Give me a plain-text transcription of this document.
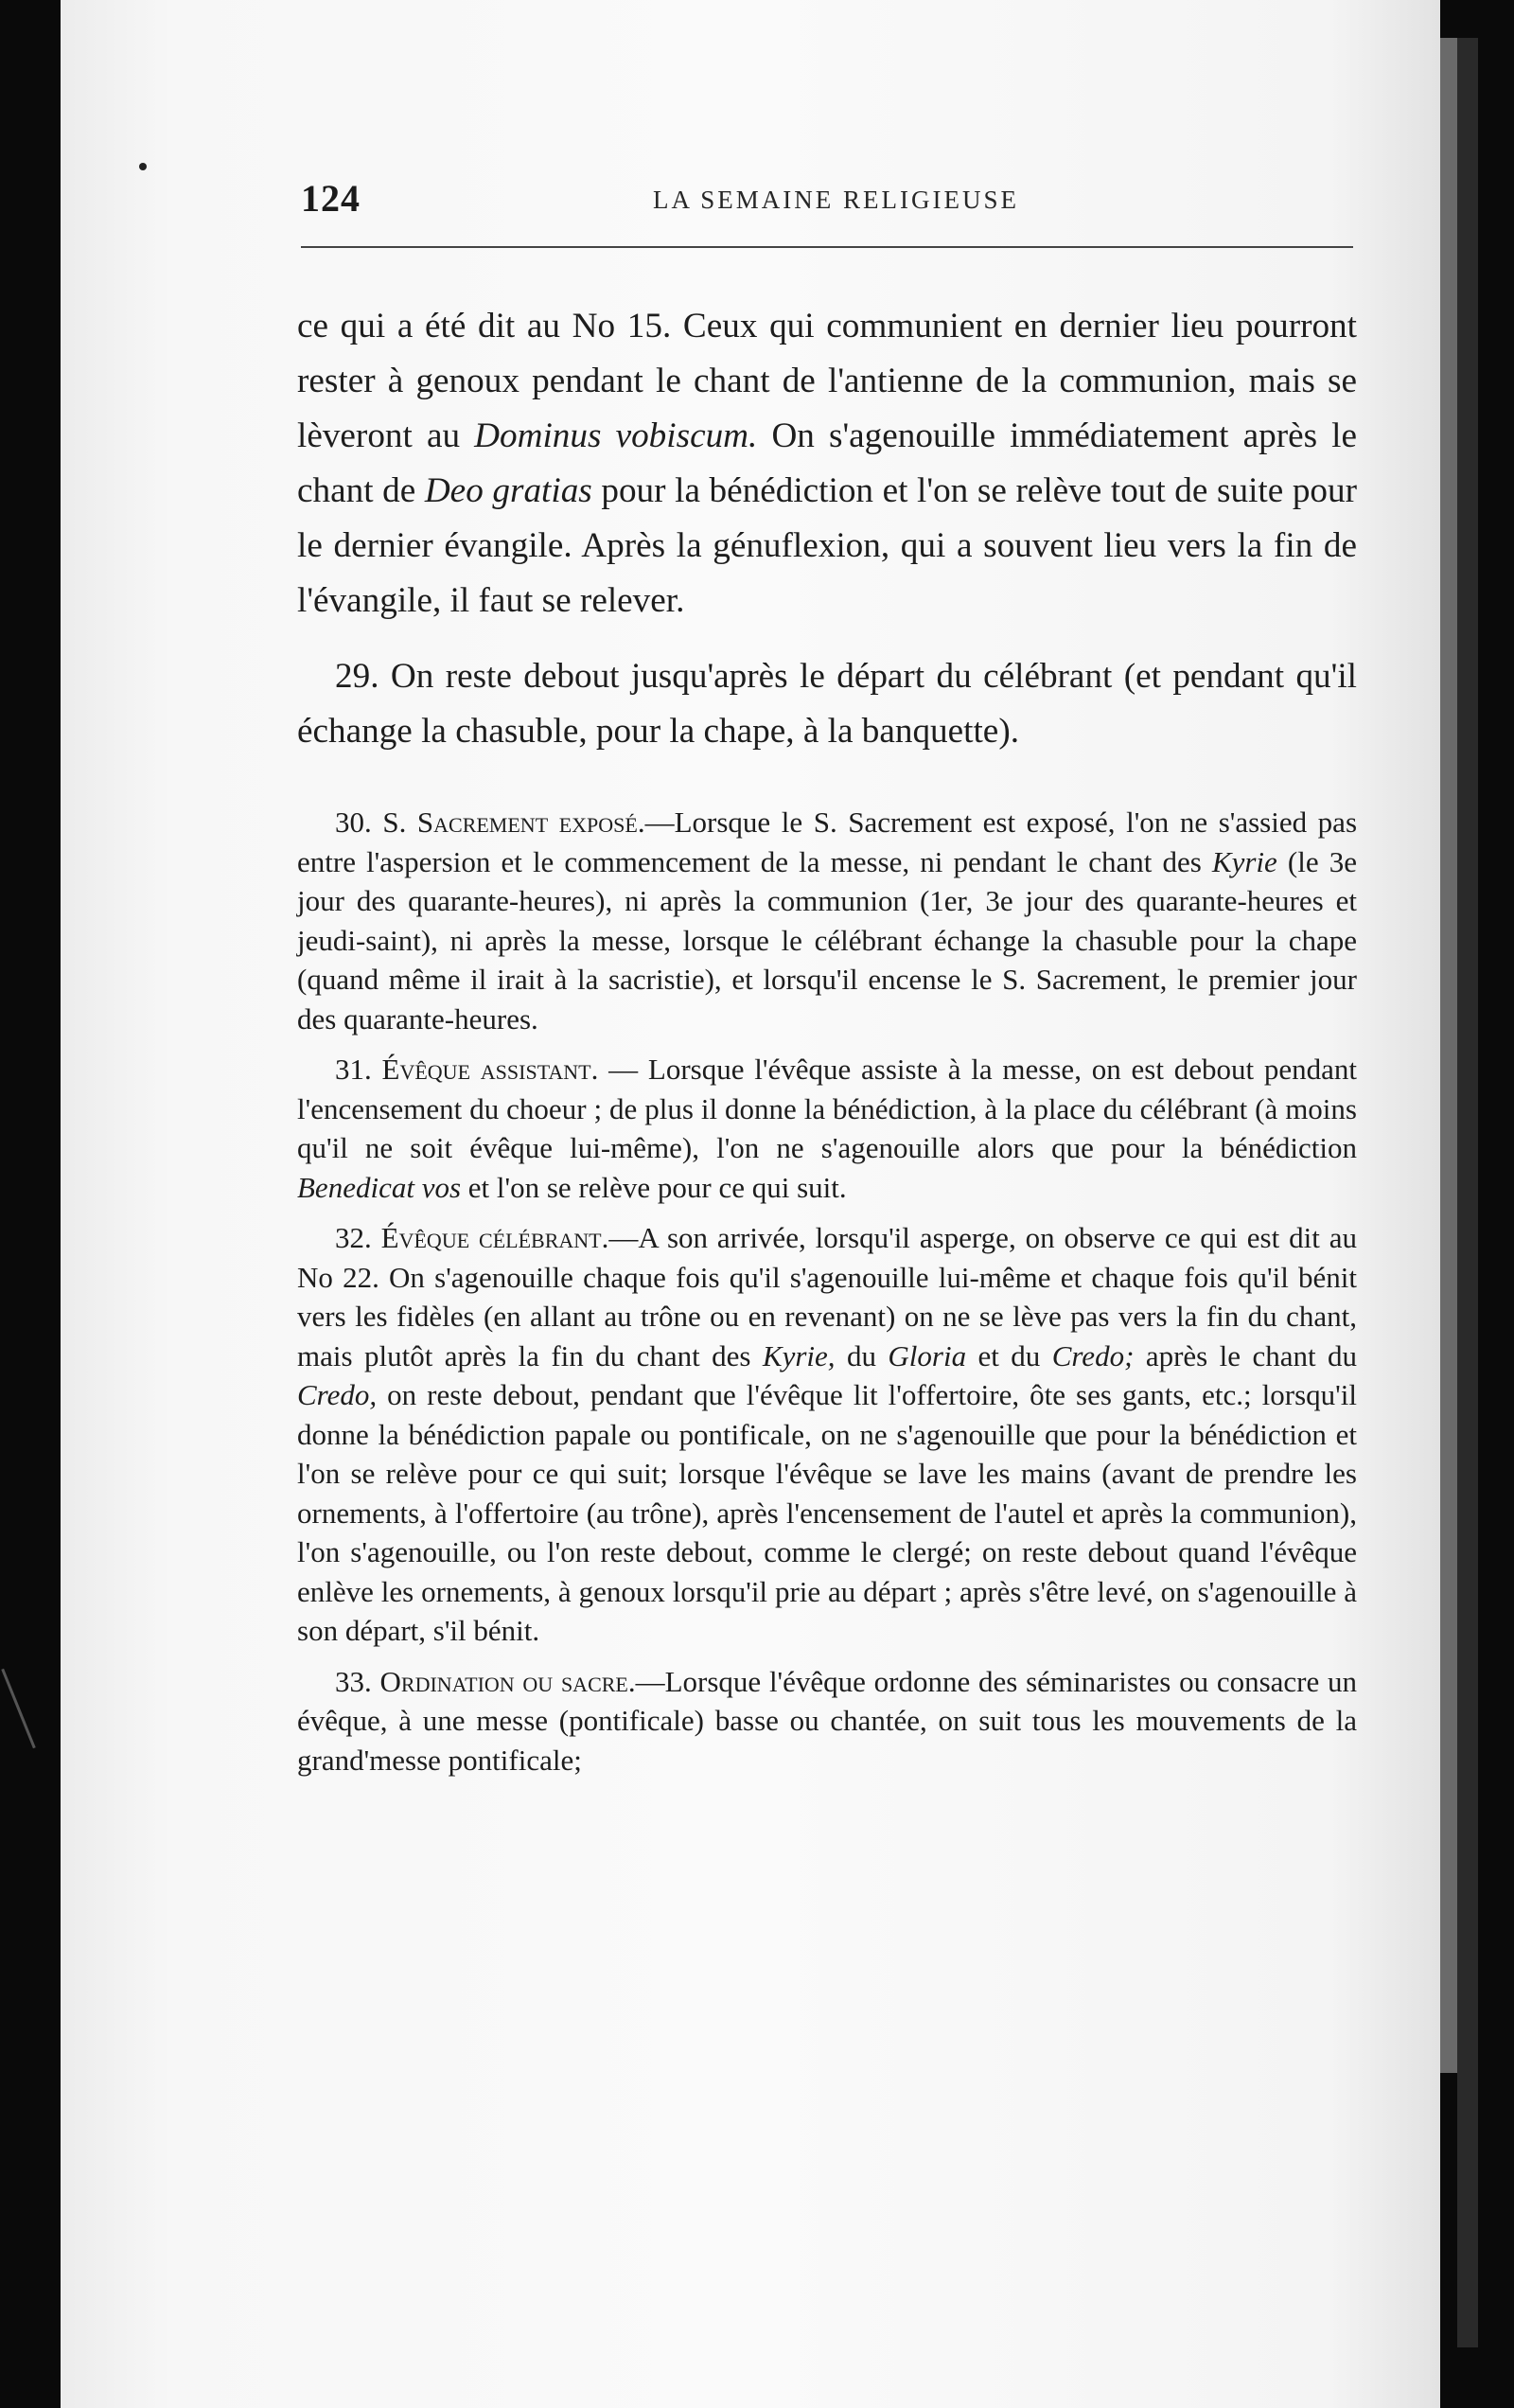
124	LA SEMAINE RELIGIEUSE

ce qui a été dit au No 15. Ceux qui communient en dernier lieu pourront rester à genoux pendant le chant de l'antienne de la communion, mais se lèveront au Dominus vobiscum. On s'agenouille immédiatement après le chant de Deo gratias pour la bénédiction et l'on se relève tout de suite pour le dernier évangile. Après la génuflexion, qui a souvent lieu vers la fin de l'évangile, il faut se relever.

29. On reste debout jusqu'après le départ du célébrant (et pendant qu'il échange la chasuble, pour la chape, à la banquette).

30. S. Sacrement exposé.—Lorsque le S. Sacrement est exposé, l'on ne s'assied pas entre l'aspersion et le commencement de la messe, ni pendant le chant des Kyrie (le 3e jour des quarante-heures), ni après la communion (1er, 3e jour des quarante-heures et jeudi-saint), ni après la messe, lorsque le célébrant échange la chasuble pour la chape (quand même il irait à la sacristie), et lorsqu'il encense le S. Sacrement, le premier jour des quarante-heures.

31. Évêque assistant. — Lorsque l'évêque assiste à la messe, on est debout pendant l'encensement du choeur ; de plus il donne la bénédiction, à la place du célébrant (à moins qu'il ne soit évêque lui-même), l'on ne s'agenouille alors que pour la bénédiction Benedicat vos et l'on se relève pour ce qui suit.

32. Évêque célébrant.—A son arrivée, lorsqu'il asperge, on observe ce qui est dit au No 22. On s'agenouille chaque fois qu'il s'agenouille lui-même et chaque fois qu'il bénit vers les fidèles (en allant au trône ou en revenant) on ne se lève pas vers la fin du chant, mais plutôt après la fin du chant des Kyrie, du Gloria et du Credo; après le chant du Credo, on reste debout, pendant que l'évêque lit l'offertoire, ôte ses gants, etc.; lorsqu'il donne la bénédiction papale ou pontificale, on ne s'agenouille que pour la bénédiction et l'on se relève pour ce qui suit; lorsque l'évêque se lave les mains (avant de prendre les ornements, à l'offertoire (au trône), après l'encensement de l'autel et après la communion), l'on s'agenouille, ou l'on reste debout, comme le clergé; on reste debout quand l'évêque enlève les ornements, à genoux lorsqu'il prie au départ ; après s'être levé, on s'agenouille à son départ, s'il bénit.

33. Ordination ou sacre.—Lorsque l'évêque ordonne des séminaristes ou consacre un évêque, à une messe (pontificale) basse ou chantée, on suit tous les mouvements de la grand'messe pontificale;
